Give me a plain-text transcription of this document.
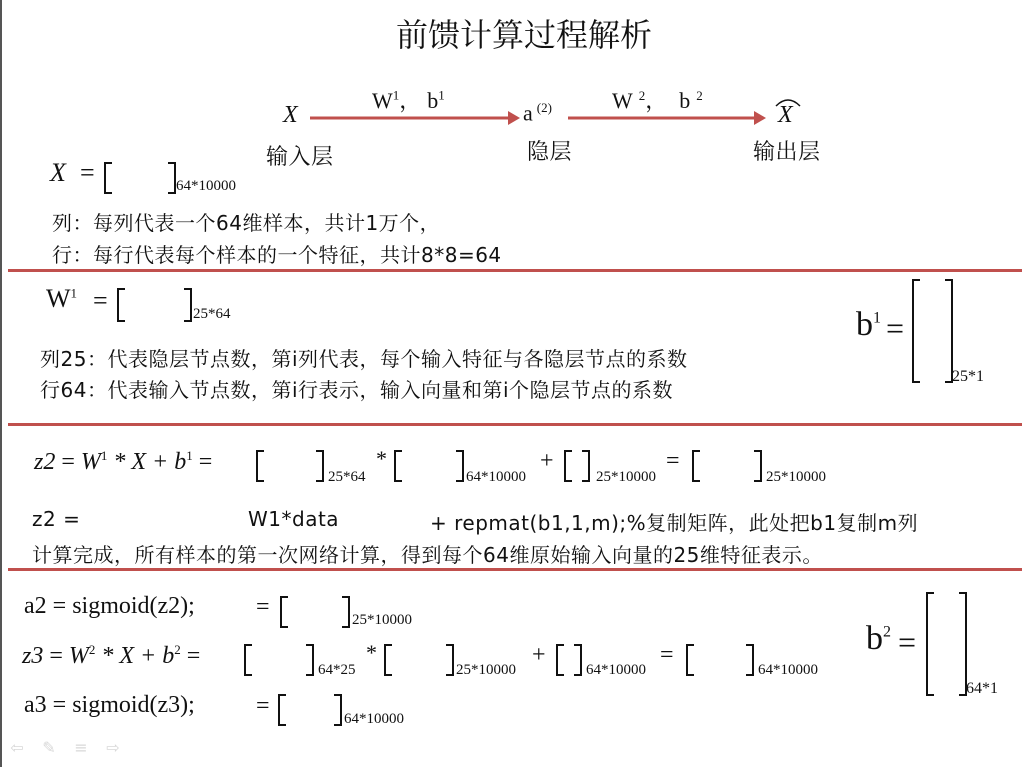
前馈计算过程解析
X
输入层
$W^1$， $b^1$
a $^{(2)}$
隐层
W $^2$， b $^2$
X
输出层
X =	64*10000
列：每列代表一个64维样本，共计1万个，
行：每行代表每个样本的一个特征，共计8*8=64
$W^1$ =	25*64
列25：代表隐层节点数，第i列代表，每个输入特征与各隐层节点的系数
行64：代表输入节点数，第i行表示，输入向量和第i个隐层节点的系数
$b^1$ =
25*1
$z2 = W^1 * X + b^1$ =
25*64
*
64*10000
+
25*10000
=
25*10000
z2 =	W1*data	+ repmat(b1,1,m);%复制矩阵，此处把b1复制m列
计算完成，所有样本的第一次网络计算，得到每个64维原始输入向量的25维特征表示。
a2 = sigmoid(z2);	=	25*10000
$z3 = W^2 * X + b^2$ =
64*25
*
25*10000
+
64*10000
=
64*10000
a3 = sigmoid(z3);	=	64*10000
$b^2$ =
64*1
⇦ ✎ ≡ ⇨
